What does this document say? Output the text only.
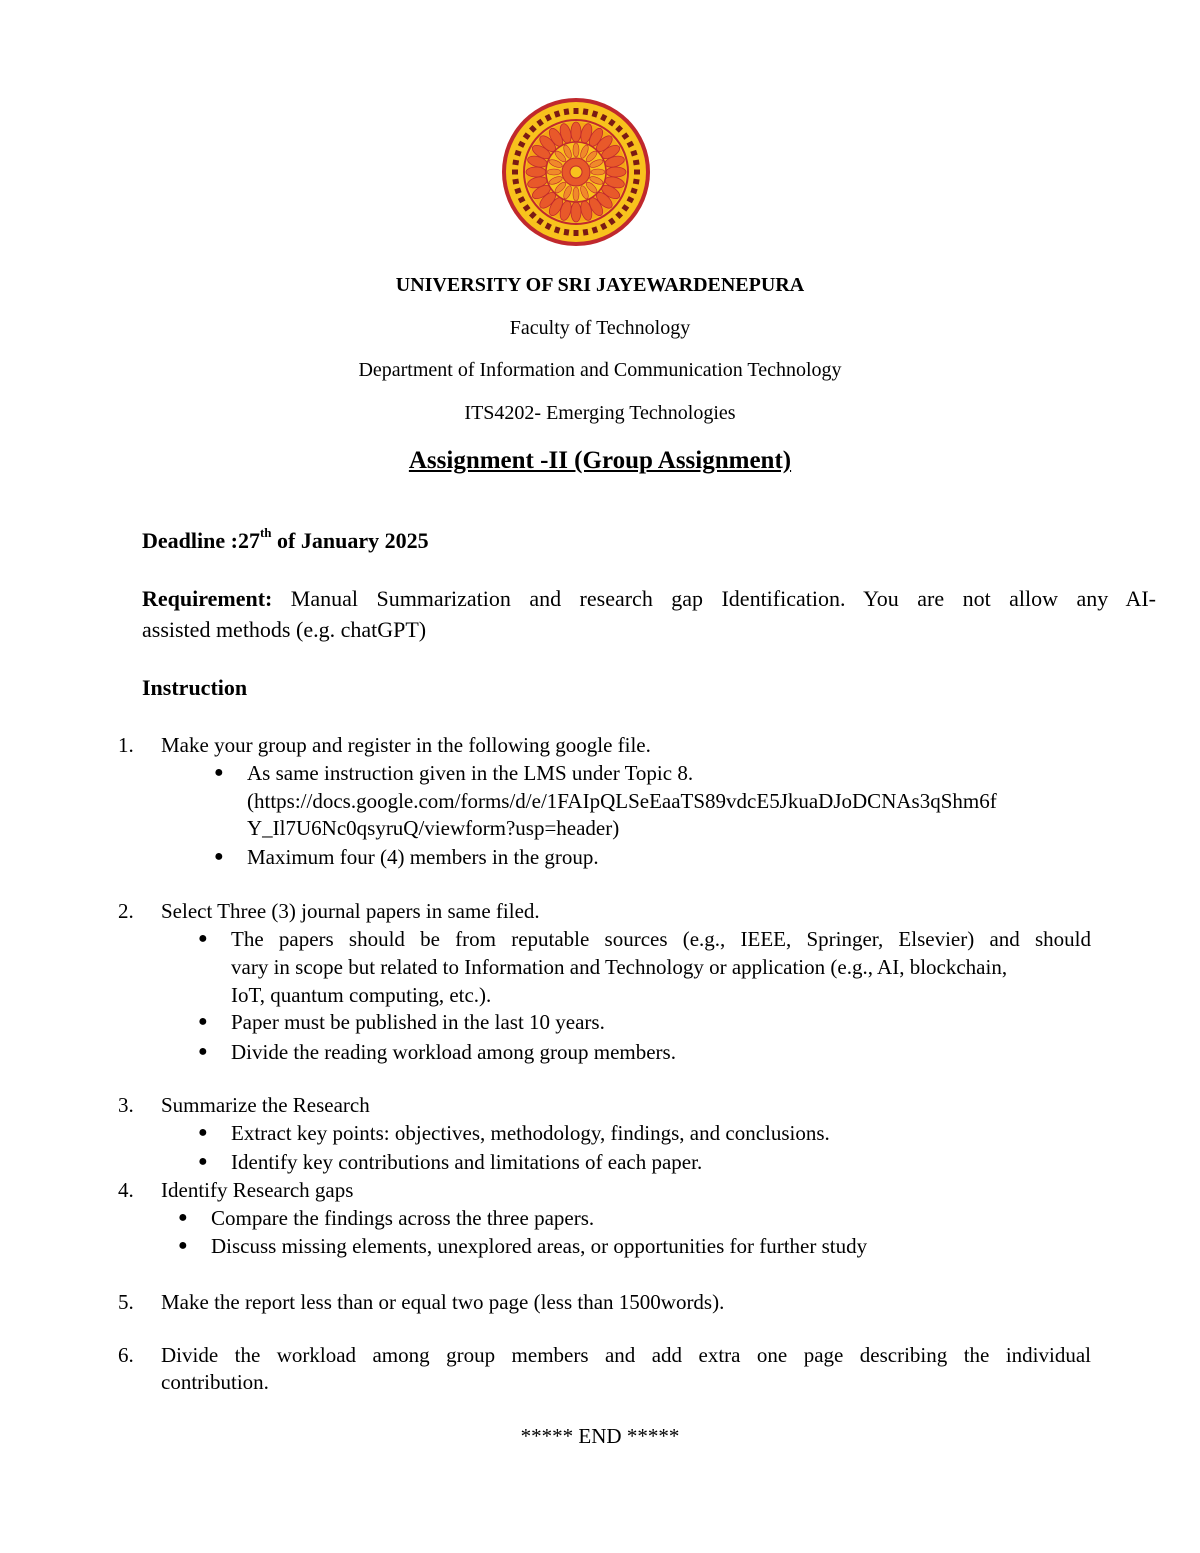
UNIVERSITY OF SRI JAYEWARDENEPURA
Faculty of Technology
Department of Information and Communication Technology
ITS4202- Emerging Technologies
Assignment -II (Group Assignment)
Deadline :27th of January 2025
Requirement: Manual Summarization and research gap Identification. You are not allow any AI-
assisted methods (e.g. chatGPT)
Instruction
1. Make your group and register in the following google file.
● As same instruction given in the LMS under Topic 8.
(https://docs.google.com/forms/d/e/1FAIpQLSeEaaTS89vdcE5JkuaDJoDCNAs3qShm6f
Y_Il7U6Nc0qsyruQ/viewform?usp=header)
● Maximum four (4) members in the group.
2. Select Three (3) journal papers in same filed.
● The papers should be from reputable sources (e.g., IEEE, Springer, Elsevier) and should
vary in scope but related to Information and Technology or application (e.g., AI, blockchain,
IoT, quantum computing, etc.).
● Paper must be published in the last 10 years.
● Divide the reading workload among group members.
3. Summarize the Research
● Extract key points: objectives, methodology, findings, and conclusions.
● Identify key contributions and limitations of each paper.
4. Identify Research gaps
● Compare the findings across the three papers.
● Discuss missing elements, unexplored areas, or opportunities for further study
5. Make the report less than or equal two page (less than 1500words).
6. Divide the workload among group members and add extra one page describing the individual
contribution.
***** END *****
